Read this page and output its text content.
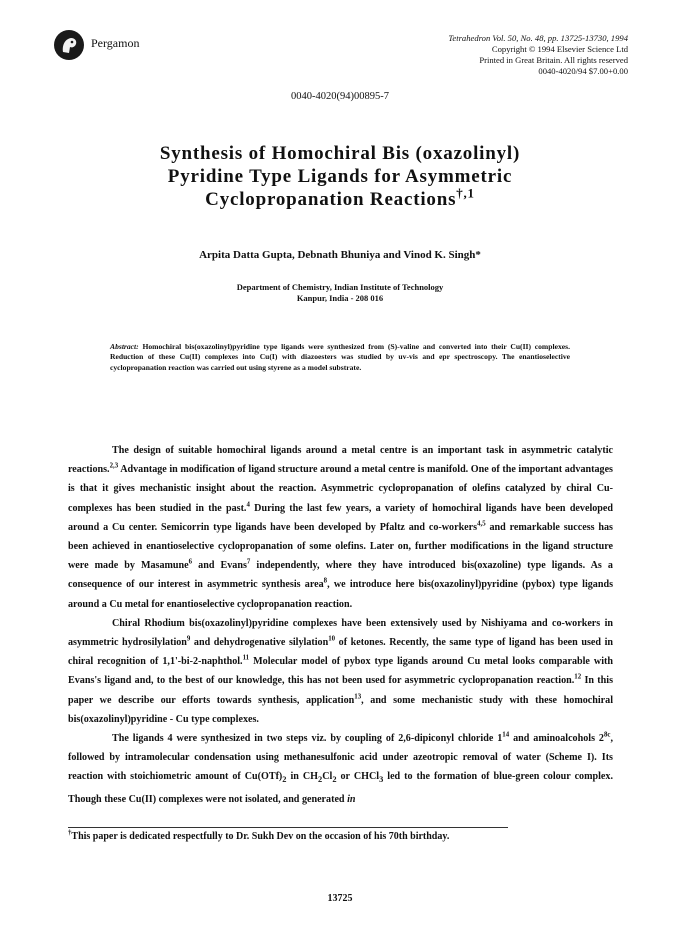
Pergamon	Tetrahedron Vol. 50, No. 48, pp. 13725-13730, 1994
Copyright © 1994 Elsevier Science Ltd
Printed in Great Britain. All rights reserved
0040-4020/94 $7.00+0.00
0040-4020(94)00895-7
Synthesis of Homochiral Bis (oxazolinyl)
Pyridine Type Ligands for Asymmetric
Cyclopropanation Reactions$^{\dagger,1}$
Arpita Datta Gupta, Debnath Bhuniya and Vinod K. Singh*
Department of Chemistry, Indian Institute of Technology
Kanpur, India - 208 016
Abstract: Homochiral bis(oxazolinyl)pyridine type ligands were synthesized from (S)-valine and converted into their Cu(II) complexes. Reduction of these Cu(II) complexes into Cu(I) with diazoesters was studied by uv-vis and epr spectroscopy. The enantioselective cyclopropanation reaction was carried out using styrene as a model substrate.

The design of suitable homochiral ligands around a metal centre is an important task in asymmetric catalytic reactions.$^{2,3}$ Advantage in modification of ligand structure around a metal centre is manifold. One of the important advantages is that it gives mechanistic insight about the reaction. Asymmetric cyclopropanation of olefins catalyzed by chiral Cu-complexes has been studied in the past.$^4$ During the last few years, a variety of homochiral ligands have been developed around a Cu center. Semicorrin type ligands have been developed by Pfaltz and co-workers$^{4,5}$ and remarkable success has been achieved in enantioselective cyclopropanation of some olefins. Later on, further modifications in the ligand structure were made by Masamune$^6$ and Evans$^7$ independently, where they have introduced bis(oxazoline) type ligands. As a consequence of our interest in asymmetric synthesis area$^8$, we introduce here bis(oxazolinyl)pyridine (pybox) type ligands around a Cu metal for enantioselective cyclopropanation reaction.

Chiral Rhodium bis(oxazolinyl)pyridine complexes have been extensively used by Nishiyama and co-workers in asymmetric hydrosilylation$^9$ and dehydrogenative silylation$^{10}$ of ketones. Recently, the same type of ligand has been used in chiral recognition of 1,1'-bi-2-naphthol.$^{11}$ Molecular model of pybox type ligands around Cu metal looks comparable with Evans's ligand and, to the best of our knowledge, this has not been used for asymmetric cyclopropanation reaction.$^{12}$ In this paper we describe our efforts towards synthesis, application$^{13}$, and some mechanistic study with these homochiral bis(oxazolinyl)pyridine - Cu type complexes.

The ligands 4 were synthesized in two steps viz. by coupling of 2,6-dipiconyl chloride $1^{14}$ and aminoalcohols $2^{8c}$, followed by intramolecular condensation using methanesulfonic acid under azeotropic removal of water (Scheme I). Its reaction with stoichiometric amount of $Cu(OTf)_2$ in $CH_2Cl_2$ or CHCl$_3$ led to the formation of blue-green colour complex. Though these Cu(II) complexes were not isolated, and generated in

†This paper is dedicated respectfully to Dr. Sukh Dev on the occasion of his 70th birthday.
13725
